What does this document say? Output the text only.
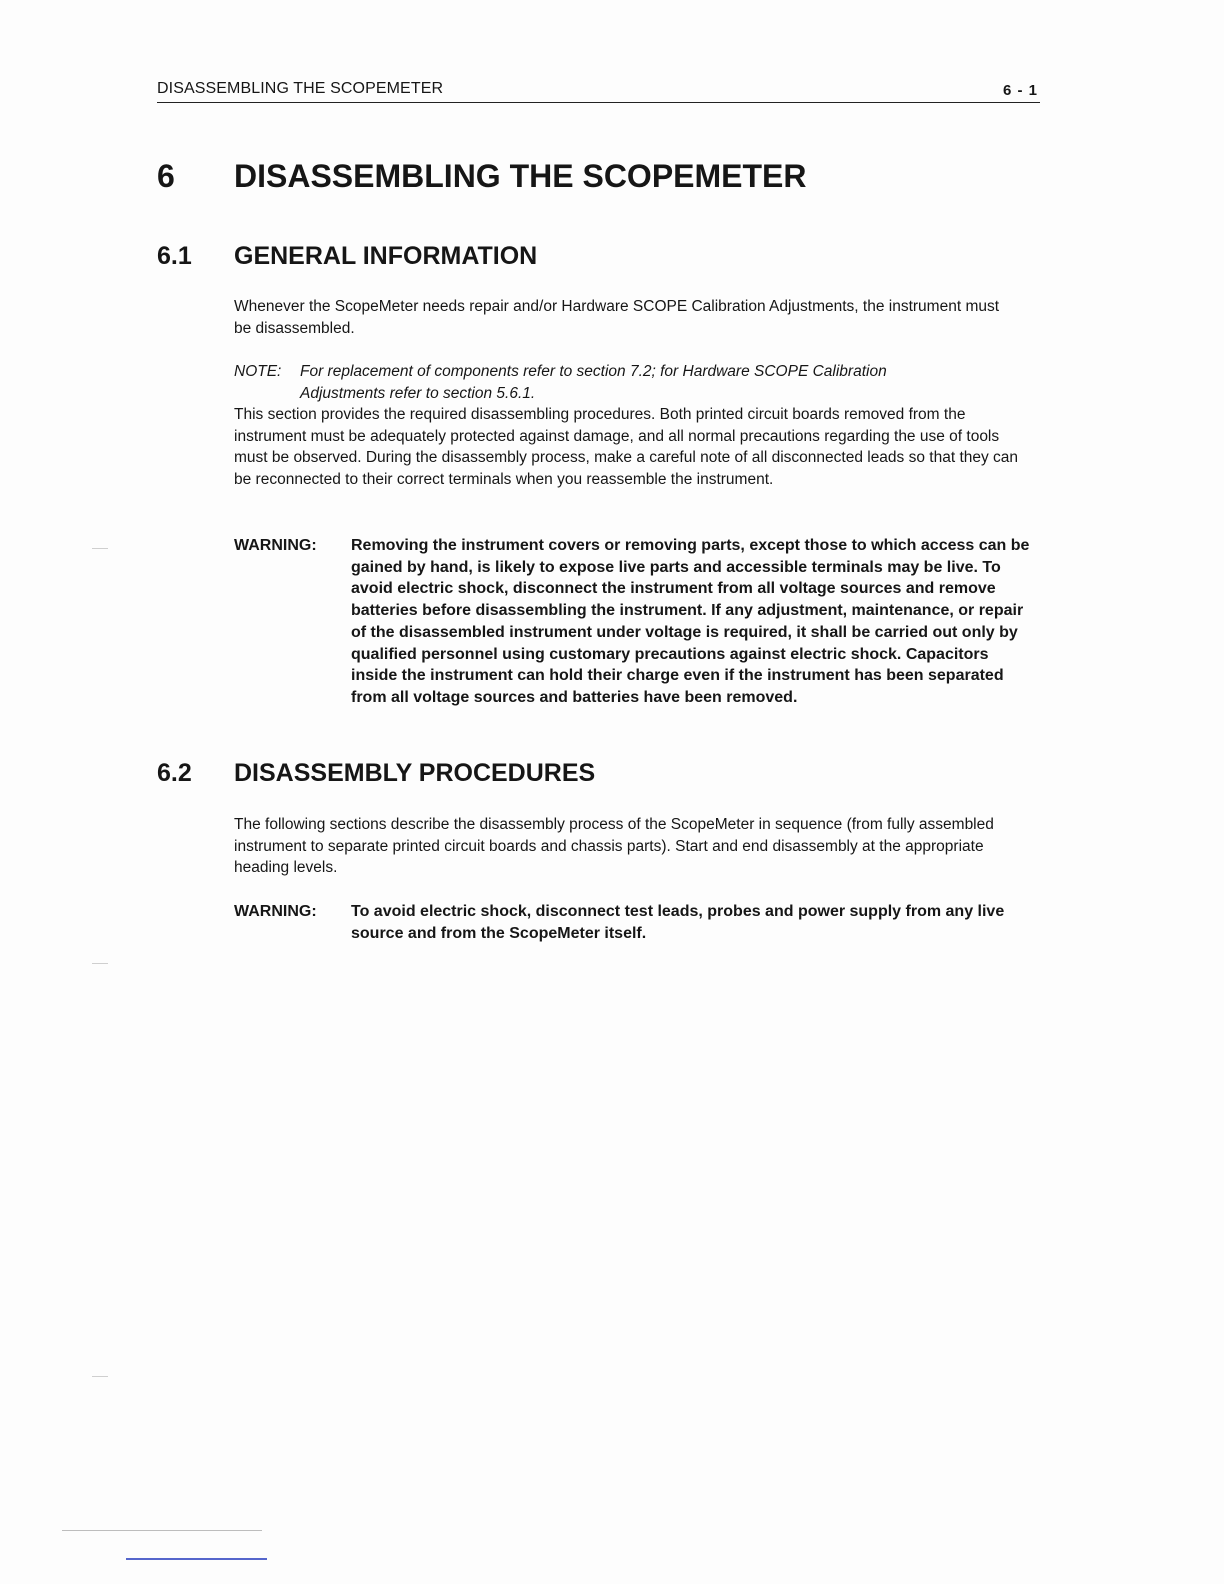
DISASSEMBLING THE SCOPEMETER	6 - 1
6 DISASSEMBLING THE SCOPEMETER
6.1 GENERAL INFORMATION

Whenever the ScopeMeter needs repair and/or Hardware SCOPE Calibration Adjustments, the instrument must be disassembled.

NOTE: For replacement of components refer to section 7.2; for Hardware SCOPE Calibration
Adjustments refer to section 5.6.1.

This section provides the required disassembling procedures. Both printed circuit boards removed from the instrument must be adequately protected against damage, and all normal precautions regarding the use of tools must be observed. During the disassembly process, make a careful note of all disconnected leads so that they can be reconnected to their correct terminals when you reassemble the instrument.

WARNING: Removing the instrument covers or removing parts, except those to which access can be gained by hand, is likely to expose live parts and accessible terminals may be live. To avoid electric shock, disconnect the instrument from all voltage sources and remove batteries before disassembling the instrument. If any adjustment, maintenance, or repair of the disassembled instrument under voltage is required, it shall be carried out only by qualified personnel using customary precautions against electric shock. Capacitors inside the instrument can hold their charge even if the instrument has been separated from all voltage sources and batteries have been removed.
6.2 DISASSEMBLY PROCEDURES

The following sections describe the disassembly process of the ScopeMeter in sequence (from fully assembled instrument to separate printed circuit boards and chassis parts). Start and end disassembly at the appropriate heading levels.

WARNING: To avoid electric shock, disconnect test leads, probes and power supply from any live source and from the ScopeMeter itself.
